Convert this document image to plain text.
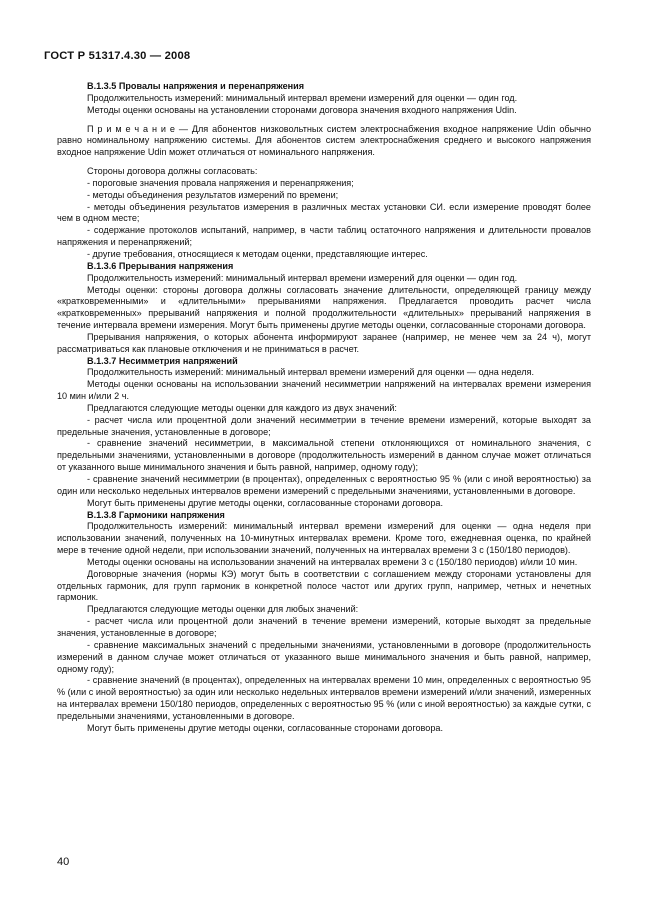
ГОСТ Р 51317.4.30 — 2008

В.1.3.5 Провалы напряжения и перенапряжения

Продолжительность измерений: минимальный интервал времени измерений для оценки — один год.

Методы оценки основаны на установлении сторонами договора значения входного напряжения Udin.

П р и м е ч а н и е — Для абонентов низковольтных систем электроснабжения входное напряжение Udin обычно равно номинальному напряжению системы. Для абонентов систем электроснабжения среднего и высокого напряжения входное напряжение Udin может отличаться от номинального напряжения.

Стороны договора должны согласовать:

- пороговые значения провала напряжения и перенапряжения;

- методы объединения результатов измерений по времени;

- методы объединения результатов измерения в различных местах установки СИ. если измерение проводят более чем в одном месте;

- содержание протоколов испытаний, например, в части таблиц остаточного напряжения и длительности провалов напряжения и перенапряжений;

- другие требования, относящиеся к методам оценки, представляющие интерес.

В.1.3.6 Прерывания напряжения

Продолжительность измерений: минимальный интервал времени измерений для оценки — один год.

Методы оценки: стороны договора должны согласовать значение длительности, определяющей границу между «кратковременными» и «длительными» прерываниями напряжения. Предлагается проводить расчет числа «кратковременных» прерываний напряжения и полной продолжительности «длительных» прерываний напряжения в течение интервала времени измерения. Могут быть применены другие методы оценки, согласованные сторонами договора.

Прерывания напряжения, о которых абонента информируют заранее (например, не менее чем за 24 ч), могут рассматриваться как плановые отключения и не приниматься в расчет.

В.1.3.7 Несимметрия напряжений

Продолжительность измерений: минимальный интервал времени измерений для оценки — одна неделя.

Методы оценки основаны на использовании значений несимметрии напряжений на интервалах времени измерения 10 мин и/или 2 ч.

Предлагаются следующие методы оценки для каждого из двух значений:

- расчет числа или процентной доли значений несимметрии в течение времени измерений, которые выходят за предельные значения, установленные в договоре;

- сравнение значений несимметрии, в максимальной степени отклоняющихся от номинального значения, с предельными значениями, установленными в договоре (продолжительность измерений в данном случае может отличаться от указанного выше минимального значения и быть равной, например, одному году);

- сравнение значений несимметрии (в процентах), определенных с вероятностью 95 % (или с иной вероятностью) за один или несколько недельных интервалов времени измерений с предельными значениями, установленными в договоре.

Могут быть применены другие методы оценки, согласованные сторонами договора.

В.1.3.8 Гармоники напряжения

Продолжительность измерений: минимальный интервал времени измерений для оценки — одна неделя при использовании значений, полученных на 10-минутных интервалах времени. Кроме того, ежедневная оценка, по крайней мере в течение одной недели, при использовании значений, полученных на интервалах времени 3 с (150/180 периодов).

Методы оценки основаны на использовании значений на интервалах времени 3 с (150/180 периодов) и/или 10 мин.

Договорные значения (нормы КЭ) могут быть в соответствии с соглашением между сторонами установлены для отдельных гармоник, для групп гармоник в конкретной полосе частот или других групп, например, четных и нечетных гармоник.

Предлагаются следующие методы оценки для любых значений:

- расчет числа или процентной доли значений в течение времени измерений, которые выходят за предельные значения, установленные в договоре;

- сравнение максимальных значений с предельными значениями, установленными в договоре (продолжительность измерений в данном случае может отличаться от указанного выше минимального значения и быть равной, например, одному году);

- сравнение значений (в процентах), определенных на интервалах времени 10 мин, определенных с вероятностью 95 % (или с иной вероятностью) за один или несколько недельных интервалов времени измерений и/или значений, измеренных на интервалах времени 150/180 периодов, определенных с вероятностью 95 % (или с иной вероятностью) за каждые сутки, с предельными значениями, установленными в договоре.

Могут быть применены другие методы оценки, согласованные сторонами договора.

40
